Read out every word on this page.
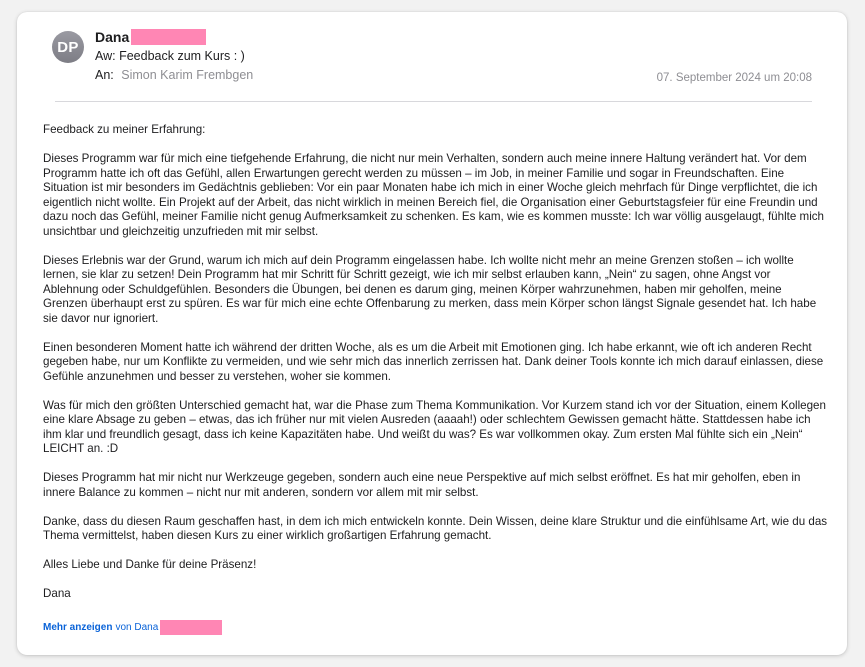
DP
Dana
Aw: Feedback zum Kurs : )
An: Simon Karim Frembgen	07. September 2024 um 20:08

Feedback zu meiner Erfahrung:

Dieses Programm war für mich eine tiefgehende Erfahrung, die nicht nur mein Verhalten, sondern auch meine innere Haltung verändert hat. Vor dem Programm hatte ich oft das Gefühl, allen Erwartungen gerecht werden zu müssen – im Job, in meiner Familie und sogar in Freundschaften. Eine Situation ist mir besonders im Gedächtnis geblieben: Vor ein paar Monaten habe ich mich in einer Woche gleich mehrfach für Dinge verpflichtet, die ich eigentlich nicht wollte. Ein Projekt auf der Arbeit, das nicht wirklich in meinen Bereich fiel, die Organisation einer Geburtstagsfeier für eine Freundin und dazu noch das Gefühl, meiner Familie nicht genug Aufmerksamkeit zu schenken. Es kam, wie es kommen musste: Ich war völlig ausgelaugt, fühlte mich unsichtbar und gleichzeitig unzufrieden mit mir selbst.

Dieses Erlebnis war der Grund, warum ich mich auf dein Programm eingelassen habe. Ich wollte nicht mehr an meine Grenzen stoßen – ich wollte lernen, sie klar zu setzen! Dein Programm hat mir Schritt für Schritt gezeigt, wie ich mir selbst erlauben kann, „Nein“ zu sagen, ohne Angst vor Ablehnung oder Schuldgefühlen. Besonders die Übungen, bei denen es darum ging, meinen Körper wahrzunehmen, haben mir geholfen, meine Grenzen überhaupt erst zu spüren. Es war für mich eine echte Offenbarung zu merken, dass mein Körper schon längst Signale gesendet hat. Ich habe sie davor nur ignoriert.

Einen besonderen Moment hatte ich während der dritten Woche, als es um die Arbeit mit Emotionen ging. Ich habe erkannt, wie oft ich anderen Recht gegeben habe, nur um Konflikte zu vermeiden, und wie sehr mich das innerlich zerrissen hat. Dank deiner Tools konnte ich mich darauf einlassen, diese Gefühle anzunehmen und besser zu verstehen, woher sie kommen.

Was für mich den größten Unterschied gemacht hat, war die Phase zum Thema Kommunikation. Vor Kurzem stand ich vor der Situation, einem Kollegen eine klare Absage zu geben – etwas, das ich früher nur mit vielen Ausreden (aaaah!) oder schlechtem Gewissen gemacht hätte. Stattdessen habe ich ihm klar und freundlich gesagt, dass ich keine Kapazitäten habe. Und weißt du was? Es war vollkommen okay. Zum ersten Mal fühlte sich ein „Nein“ LEICHT an. :D

Dieses Programm hat mir nicht nur Werkzeuge gegeben, sondern auch eine neue Perspektive auf mich selbst eröffnet. Es hat mir geholfen, eben in innere Balance zu kommen – nicht nur mit anderen, sondern vor allem mit mir selbst.

Danke, dass du diesen Raum geschaffen hast, in dem ich mich entwickeln konnte. Dein Wissen, deine klare Struktur und die einfühlsame Art, wie du das Thema vermittelst, haben diesen Kurs zu einer wirklich großartigen Erfahrung gemacht.

Alles Liebe und Danke für deine Präsenz!

Dana

Mehr anzeigen von Dana
